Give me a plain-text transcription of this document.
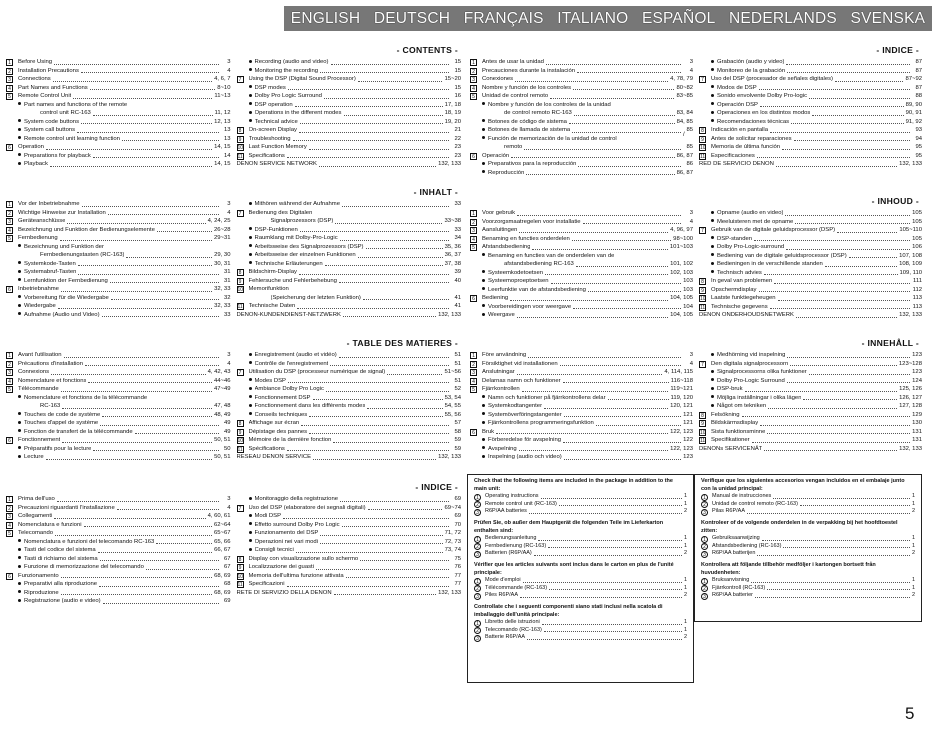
ENGLISH DEUTSCH FRANÇAIS ITALIANO ESPAÑOL NEDERLANDS SVENSKA
- CONTENTS -
1	Before Using	3
2	Installation Precautions	4
3	Connections	4, 6, 7
4	Part Names and Functions	8~10
5	Remote Control Unit	11~13
Part names and functions of the remote
control unit RC-163	11, 12
System code buttons	12, 13
System call buttons	13
Remote control unit learning function	13
6	Operation	14, 15
Preparations for playback	14
Playback	14, 15
Recording (audio and video)	15
Monitoring the recording	15
7	Using the DSP (Digital Sound Processor)	15~20
DSP modes	15
Dolby Pro Logic Surround	16
DSP operation	17, 18
Operations in the different modes	18, 19
Technical advice	19, 20
8	On-screen Display	21
9	Troubleshooting	22
10 Last Function Memory	23
11 Specifications	23
DENON SERVICE NETWORK	132, 133
- INHALT -
1	Vor der Inbetriebnahme	3
2	Wichtige Hinweise zur Installation	4
3	Geräteanschlüsse	4, 24, 25
4	Bezeichnung und Funktion der Bedienungselemente	26~28
5	Fernbedienung	29~31
Bezeichnung und Funktion der
Fernbedienungstasten (RC-163)	29, 30
Systemkode-Tasten	30, 31
Systemabruf-Tasten	31
Lernfunktion der Fernbedienung	31
6	Inbetriebnahme	32, 33
Vorbereitung für die Wiedergabe	32
Wiedergabe	32, 33
Aufnahme (Audio und Video)	33
Mithören während der Aufnahme	33
7	Bedienung des Digitalen
Signalprozessors (DSP)	33~38
DSP-Funktionen	33
Raumklang mit Dolby-Pro-Logic	34
Arbeitsweise des Signalprozessors (DSP)	35, 36
Arbeitsweise der einzelnen Funktionen	36, 37
Technische Erläuterungen	37, 38
8	Bildschirm-Display	39
9	Fehlersuche und Fehlerbehebung	40
10 Memorifunktion
(Speicherung der letzten Funktion)	41
11 Technische Daten	41
DENON-KUNDENDIENST-NETZWERK	132, 133
- TABLE DES MATIERES -
1	Avant l'utilisation	3
2	Précautions d'installation	4
3	Connexions	4, 42, 43
4	Nomenclature et fonctions	44~46
5	Télécommande	47~49
Nomenclature et fonctions de la télécommande
RC-163	47, 48
Touches de code de système	48, 49
Touches d'appel de système	49
Fonction de transfert de la télécommande	49
6	Fonctionnement	50, 51
Préparatifs pour la lecture	50
Lecture	50, 51
Enregistrement (audio et vidéo)	51
Contrôle de l'enregistrement	51
7	Utilisation du DSP (processeur numérique de signal)	51~56
Modes DSP	51
Ambiance Dolby Pro Logic	52
Fonctionnement DSP	53, 54
Fonctionnement dans les différents modes	54, 55
Conseils techniques	55, 56
8	Affichage sur écran	57
9	Dépistage des pannes	58
10 Mémoire de la dernière fonction	59
11 Spécifications	59
RESEAU DENON SERVICE	132, 133
- INDICE -
1	Prima dell'uso	3
2	Precauzioni riguardanti l'installazione	4
3	Collegamenti	4, 60, 61
4	Nomenclatura e funzioni	62~64
5	Telecomando	65~67
Nomenclatura e funzioni del telecomando RC-163	65, 66
Tasti del codice del sistema	66, 67
Tasti di richiamo del sistema	67
Funzione di memorizzazione del telecomando	67
6	Funzionamento	68, 69
Preparativi alla riproduzione	68
Riproduzione	68, 69
Registrazione (audio e video)	69
Monitoraggio della registrazione	69
7	Uso del DSP (elaboratore dei segnali digitali)	69~74
Modi DSP	69
Effetto surround Dolby Pro Logic	70
Funzionamento del DSP	71, 72
Operazioni nei vari modi	72, 73
Consigli tecnici	73, 74
8	Display con visualizzazione sullo schermo	75
9	Localizzazione dei guasti	76
10 Memoria dell'ultima funzione attivata	77
11 Specificazioni	77
RETE DI SERVIZIO DELLA DENON	132, 133
- INDICE -
1	Antes de usar la unidad	3
2	Precauciones durante la instalación	4
3	Conexiones	4, 78, 79
4	Nombre y función de los controles	80~82
5	Unidad de control remoto	83~85
Nombre y función de los controles de la unidad
de control remoto RC-163	83, 84
Botones de código de sistema	84, 85
Botones de llamada de sistema	85
Función de memorización de la unidad de control
remoto	85
6	Operación	86, 87
Preparativos para la reproducción	86
Reproducción	86, 87
Grabación (audio y video)	87
Monitoreo de la grabación	87
7	Uso del DSP (procesador de señales digitales)	87~92
Modos de DSP	87
Sonido envolvente Dolby Pro-logic	88
Operación DSP	89, 90
Operaciones en los distintos modos	90, 91
Recomendaciones técnicas	91, 92
8	Indicación en pantalla	93
9	Antes de solicitar reparaciones	94
10 Memoria de última función	95
11 Especificaciones	95
RED DE SERVICIO DENON	132, 133
- INHOUD -
1	Voor gebruik	3
2	Voorzorgsmaatregelen voor installatie	4
3	Aansluitingen	4, 96, 97
4	Benaming en functies onderdelen	98~100
5	Afstandsbediening	101~103
Benaming en functies van de onderdelen van de
afstandsbediening RC-163	101, 102
Systeemkodetoetsen	102, 103
Systeemoproeptoetsen	103
Leerfunktie van de afstandsbediening	103
6	Bediening	104, 105
Voorbereidingen voor weergave	104
Weergave	104, 105
Opname (audio en video)	105
Meeluisteren met de opname	105
7	Gebruik van de digitale geluidsprocessor (DSP)	105~110
DSP-standen	105
Dolby Pro-Logic-surround	106
Bediening van de digitale geluidsprocessor (DSP)	107, 108
Bedieningen in de verschillende standen	108, 109
Technisch advies	109, 110
8	In geval van problemen	111
9	Opschermdisplay	112
10 Laatste funktiegeheugen	113
11 Technische gegevens	113
DENON ONDERHOUDSNETWERK	132, 133
- INNEHÅLL -
1	Före användning	3
2	Försiktighet vid installationen	4
3	Anslutningar	4, 114, 115
4	Delarnas namn och funktioner	116~118
5	Fjärrkontrollen	119~121
Namn och funktioner på fjärrkontrollens delar	119, 120
Systemkodtangenter	120, 121
Systemöverföringstangenter	121
Fjärrkontrollens programmeringsfunktion	121
6	Bruk	122, 123
Förberedelse för avspelning	122
Avspelning	122, 123
Inspelning (audio och video)	123
Medhörning vid inspelning	123
7	Den digitala signalprocessorn	123~128
Signalprocessorns olika funktioner	123
Dolby Pro-Logic Surround	124
DSP-bruk	125, 126
Möjliga inställningar i olika lägen	126, 127
Något om tekniken	127, 128
8	Felsökning	129
9	Bildskärmsdisplay	130
10 Sista funktionsminne	131
11 Specifikationer	131
DENONs SERVICENÄT	132, 133
Check that the following items are included in the package in addition to the main unit:
1	Operating instructions	1
2	Remote control unit (RC-163)	1
3	R6P/AA batteries	2
Prüfen Sie, ob außer dem Hauptgerät die folgenden Teile im Lieferkarton enthalten sind:
1	Bedienungsanleitung	1
2	Fernbedienung (RC-163)	1
3	Batterien (R6P/AA)	2
Vérifier que les articles suivants sont inclus dans le carton en plus de l'unité principale:
1	Mode d'emploi	1
2	Télécommande (RC-163)	1
3	Piles R6P/AA	2
Controllate che i seguenti componenti siano stati inclusi nella scatola di imballaggio dell'unità principale:
1	Libretto delle istruzioni	1
2	Telecomando (RC-163)	1
3	Batterie R6P/AA	2
Verifique que los siguientes accesorios vengan incluidos en el embalaje junto con la unidad principal:
1	Manual de instrucciones	1
2	Unidad de control remoto (RC-163)	1
3	Pilas R6P/AA	2
Kontroleer of de volgende onderdelen in de verpakking bij het hoofdtoestel zitten:
1	Gebruiksaanwijzing	1
2	Afstandsbediening (RC-163)	1
3	R6P/AA batterijen	2
Kontrollera att följande tillbehör medföljer i kartongen bortsett från huvudenheten:
1	Bruksanvisning	1
2	Fjärrkontroll (RC-163)	1
3	R6P/AA batterier	2
/
5
